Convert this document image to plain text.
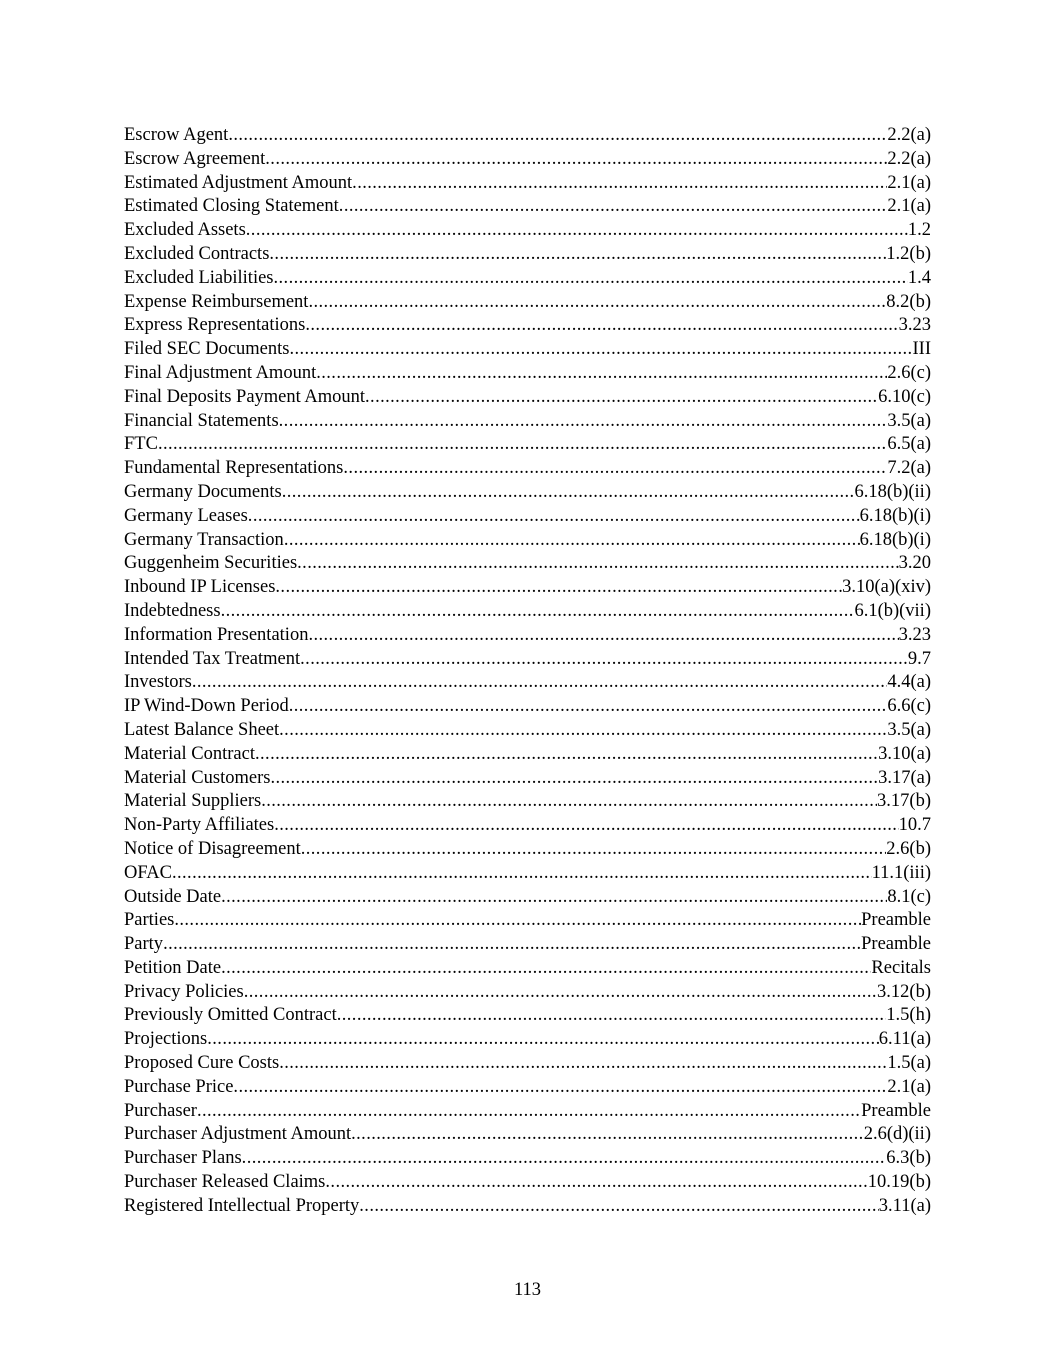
Escrow Agent .....	2.2(a)
Escrow Agreement .....	2.2(a)
Estimated Adjustment Amount .....	2.1(a)
Estimated Closing Statement .....	2.1(a)
Excluded Assets .....	1.2
Excluded Contracts .....	1.2(b)
Excluded Liabilities .....	1.4
Expense Reimbursement .....	8.2(b)
Express Representations .....	3.23
Filed SEC Documents .....	III
Final Adjustment Amount .....	2.6(c)
Final Deposits Payment Amount .....	6.10(c)
Financial Statements .....	3.5(a)
FTC .....	6.5(a)
Fundamental Representations .....	7.2(a)
Germany Documents .....	6.18(b)(ii)
Germany Leases .....	6.18(b)(i)
Germany Transaction .....	6.18(b)(i)
Guggenheim Securities .....	3.20
Inbound IP Licenses .....	3.10(a)(xiv)
Indebtedness .....	6.1(b)(vii)
Information Presentation .....	3.23
Intended Tax Treatment .....	9.7
Investors .....	4.4(a)
IP Wind-Down Period .....	6.6(c)
Latest Balance Sheet .....	3.5(a)
Material Contract .....	3.10(a)
Material Customers .....	3.17(a)
Material Suppliers .....	3.17(b)
Non-Party Affiliates .....	10.7
Notice of Disagreement .....	2.6(b)
OFAC .....	11.1(iii)
Outside Date .....	8.1(c)
Parties .....	Preamble
Party .....	Preamble
Petition Date .....	Recitals
Privacy Policies .....	3.12(b)
Previously Omitted Contract .....	1.5(h)
Projections .....	6.11(a)
Proposed Cure Costs .....	1.5(a)
Purchase Price .....	2.1(a)
Purchaser .....	Preamble
Purchaser Adjustment Amount .....	2.6(d)(ii)
Purchaser Plans .....	6.3(b)
Purchaser Released Claims .....	10.19(b)
Registered Intellectual Property .....	3.11(a)
113
